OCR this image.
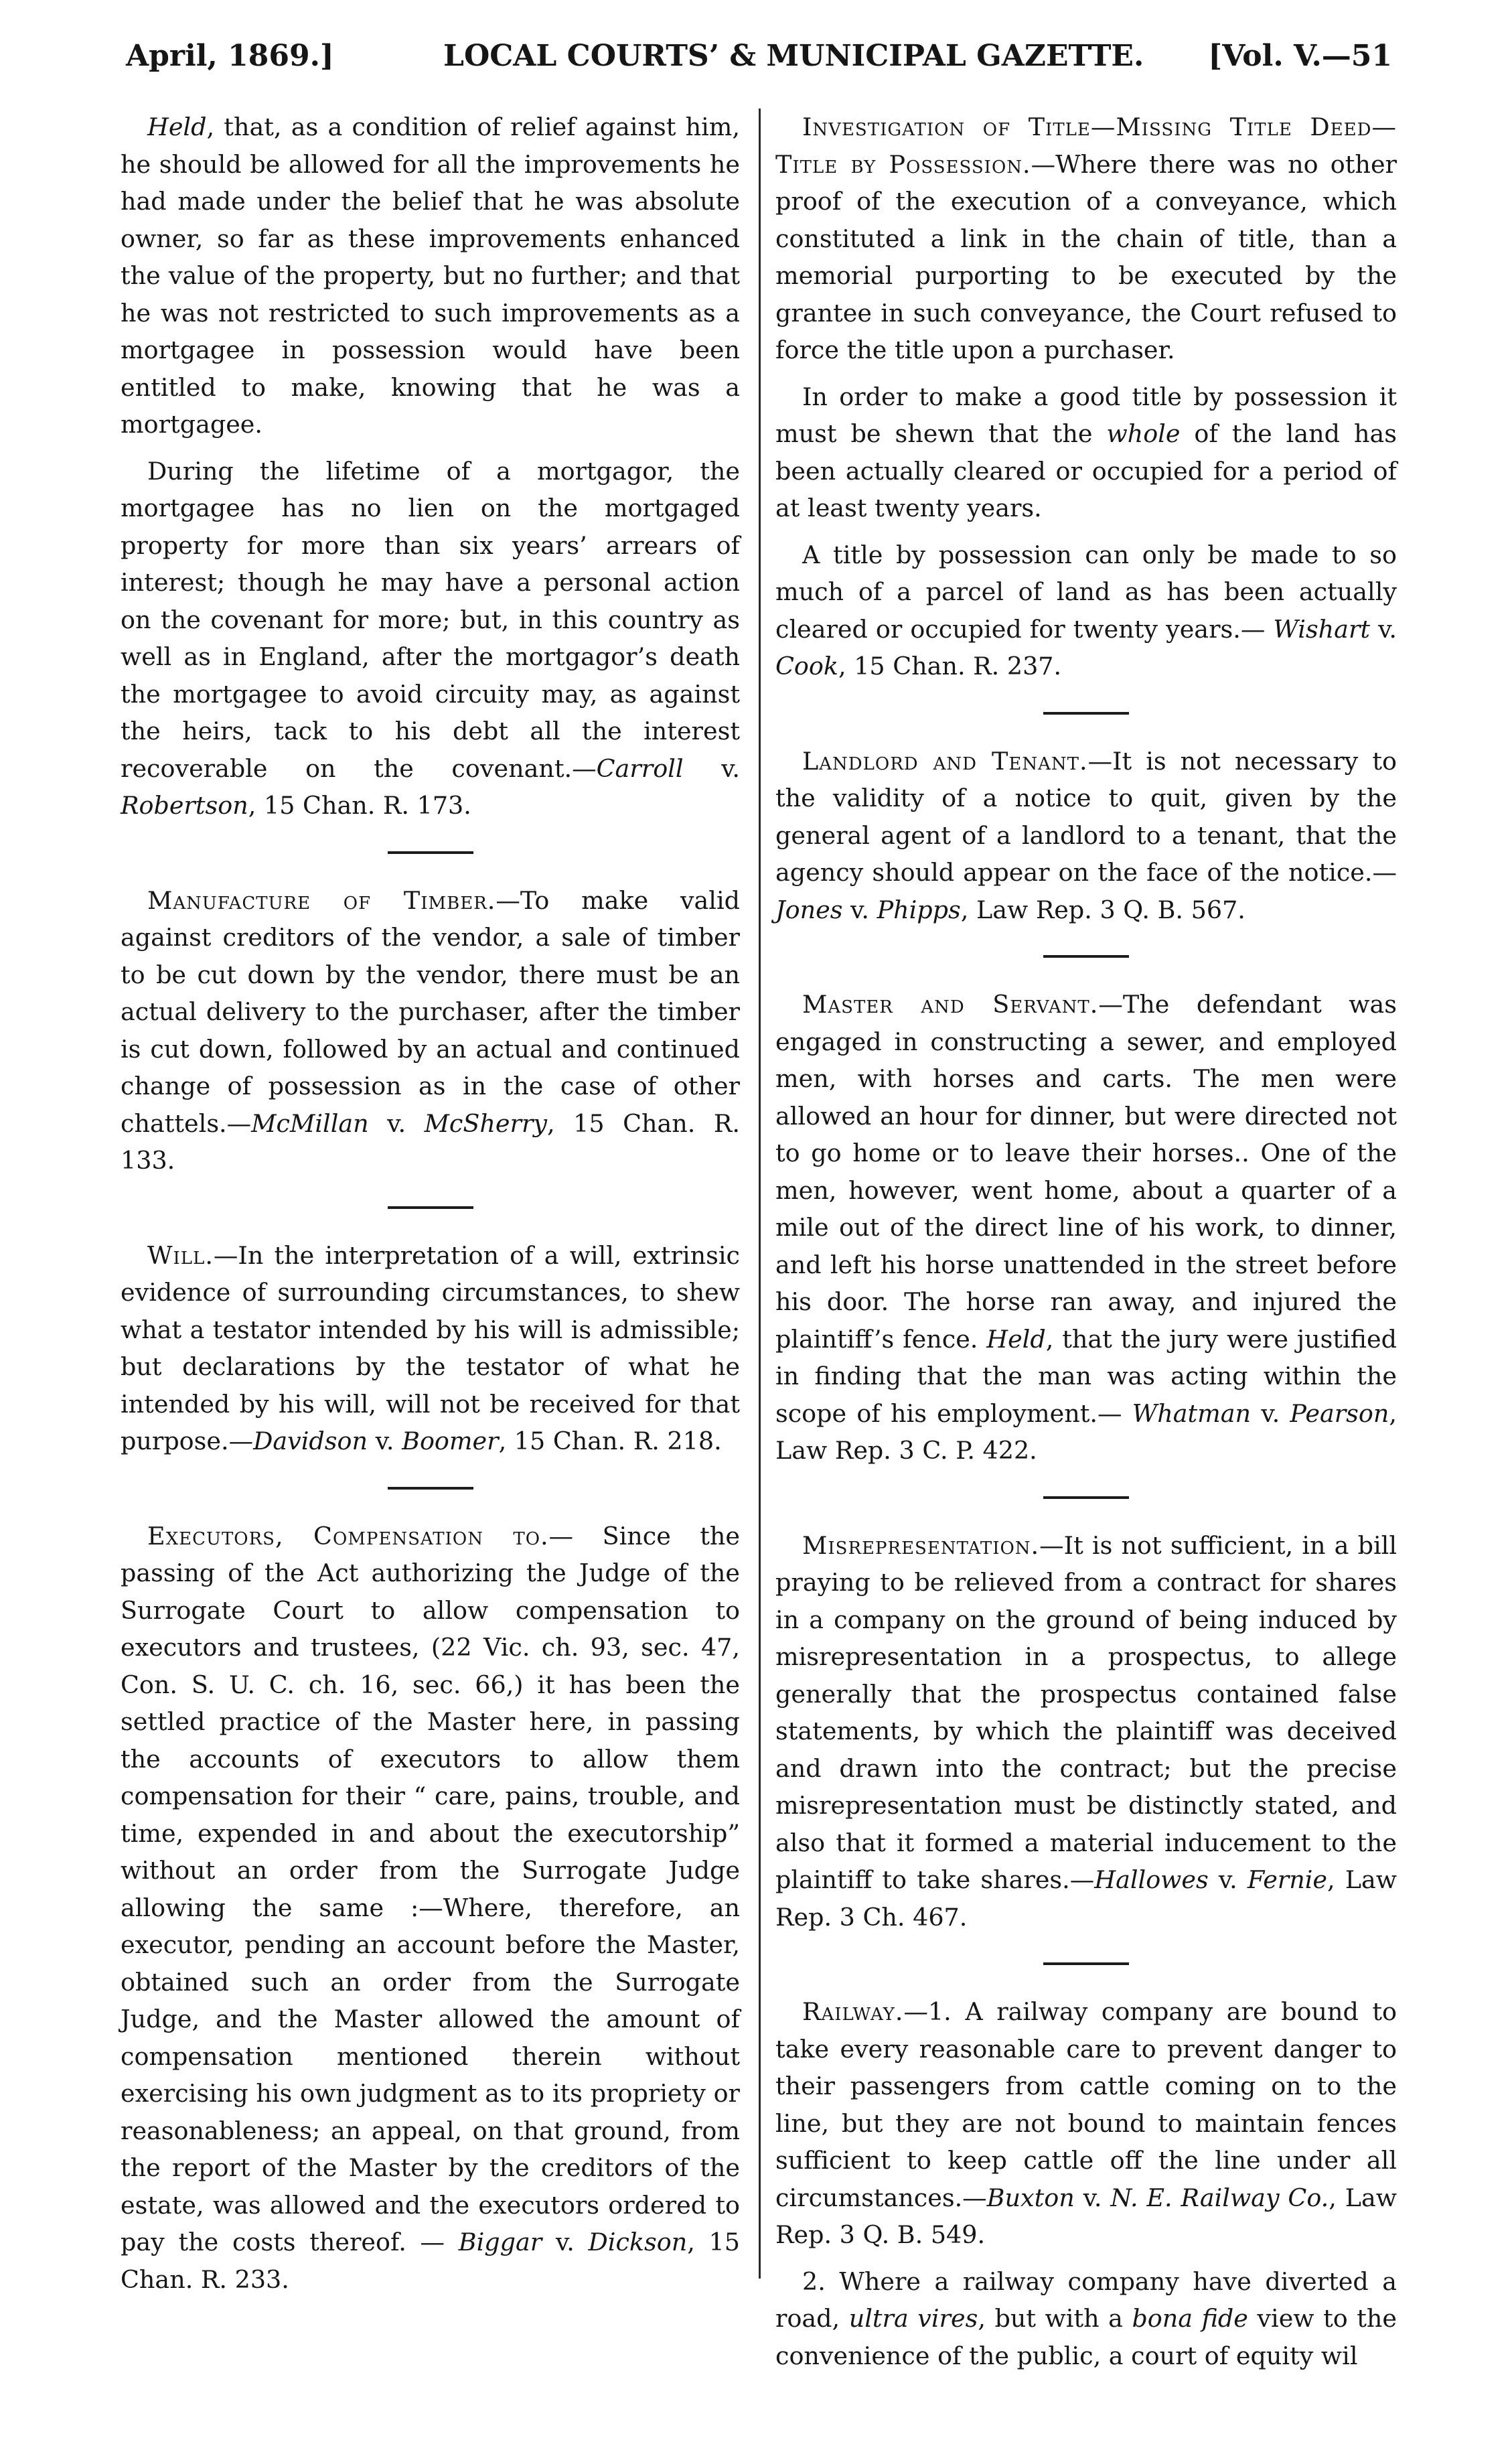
April, 1869.]	LOCAL COURTS’ & MUNICIPAL GAZETTE. [Vol. V.—51

Held, that, as a condition of relief against him, he should be allowed for all the improvements he had made under the belief that he was absolute owner, so far as these improvements enhanced the value of the property, but no further; and that he was not restricted to such improvements as a mortgagee in possession would have been entitled to make, knowing that he was a mortgagee.

During the lifetime of a mortgagor, the mortgagee has no lien on the mortgaged property for more than six years’ arrears of interest; though he may have a personal action on the covenant for more; but, in this country as well as in England, after the mortgagor’s death the mortgagee to avoid circuity may, as against the heirs, tack to his debt all the interest recoverable on the covenant.—Carroll v. Robertson, 15 Chan. R. 173.

Manufacture of Timber.—To make valid against creditors of the vendor, a sale of timber to be cut down by the vendor, there must be an actual delivery to the purchaser, after the timber is cut down, followed by an actual and continued change of possession as in the case of other chattels.—McMillan v. McSherry, 15 Chan. R. 133.

Will.—In the interpretation of a will, extrinsic evidence of surrounding circumstances, to shew what a testator intended by his will is admissible; but declarations by the testator of what he intended by his will, will not be received for that purpose.—Davidson v. Boomer, 15 Chan. R. 218.

Executors, Compensation to.— Since the passing of the Act authorizing the Judge of the Surrogate Court to allow compensation to executors and trustees, (22 Vic. ch. 93, sec. 47, Con. S. U. C. ch. 16, sec. 66,) it has been the settled practice of the Master here, in passing the accounts of executors to allow them compensation for their “ care, pains, trouble, and time, expended in and about the executorship” without an order from the Surrogate Judge allowing the same :—Where, therefore, an executor, pending an account before the Master, obtained such an order from the Surrogate Judge, and the Master allowed the amount of compensation mentioned therein without exercising his own judgment as to its propriety or reasonableness; an appeal, on that ground, from the report of the Master by the creditors of the estate, was allowed and the executors ordered to pay the costs thereof. — Biggar v. Dickson, 15 Chan. R. 233.

Investigation of Title—Missing Title Deed—Title by Possession.—Where there was no other proof of the execution of a conveyance, which constituted a link in the chain of title, than a memorial purporting to be executed by the grantee in such conveyance, the Court refused to force the title upon a purchaser.

In order to make a good title by possession it must be shewn that the whole of the land has been actually cleared or occupied for a period of at least twenty years.

A title by possession can only be made to so much of a parcel of land as has been actually cleared or occupied for twenty years.— Wishart v. Cook, 15 Chan. R. 237.

Landlord and Tenant.—It is not necessary to the validity of a notice to quit, given by the general agent of a landlord to a tenant, that the agency should appear on the face of the notice.—Jones v. Phipps, Law Rep. 3 Q. B. 567.

Master and Servant.—The defendant was engaged in constructing a sewer, and employed men, with horses and carts. The men were allowed an hour for dinner, but were directed not to go home or to leave their horses.. One of the men, however, went home, about a quarter of a mile out of the direct line of his work, to dinner, and left his horse unattended in the street before his door. The horse ran away, and injured the plaintiff’s fence. Held, that the jury were justified in finding that the man was acting within the scope of his employment.— Whatman v. Pearson, Law Rep. 3 C. P. 422.

Misrepresentation.—It is not sufficient, in a bill praying to be relieved from a contract for shares in a company on the ground of being induced by misrepresentation in a prospectus, to allege generally that the prospectus contained false statements, by which the plaintiff was deceived and drawn into the contract; but the precise misrepresentation must be distinctly stated, and also that it formed a material inducement to the plaintiff to take shares.—Hallowes v. Fernie, Law Rep. 3 Ch. 467.

Railway.—1. A railway company are bound to take every reasonable care to prevent danger to their passengers from cattle coming on to the line, but they are not bound to maintain fences sufficient to keep cattle off the line under all circumstances.—Buxton v. N. E. Railway Co., Law Rep. 3 Q. B. 549.

2. Where a railway company have diverted a road, ultra vires, but with a bona fide view to the convenience of the public, a court of equity wil
